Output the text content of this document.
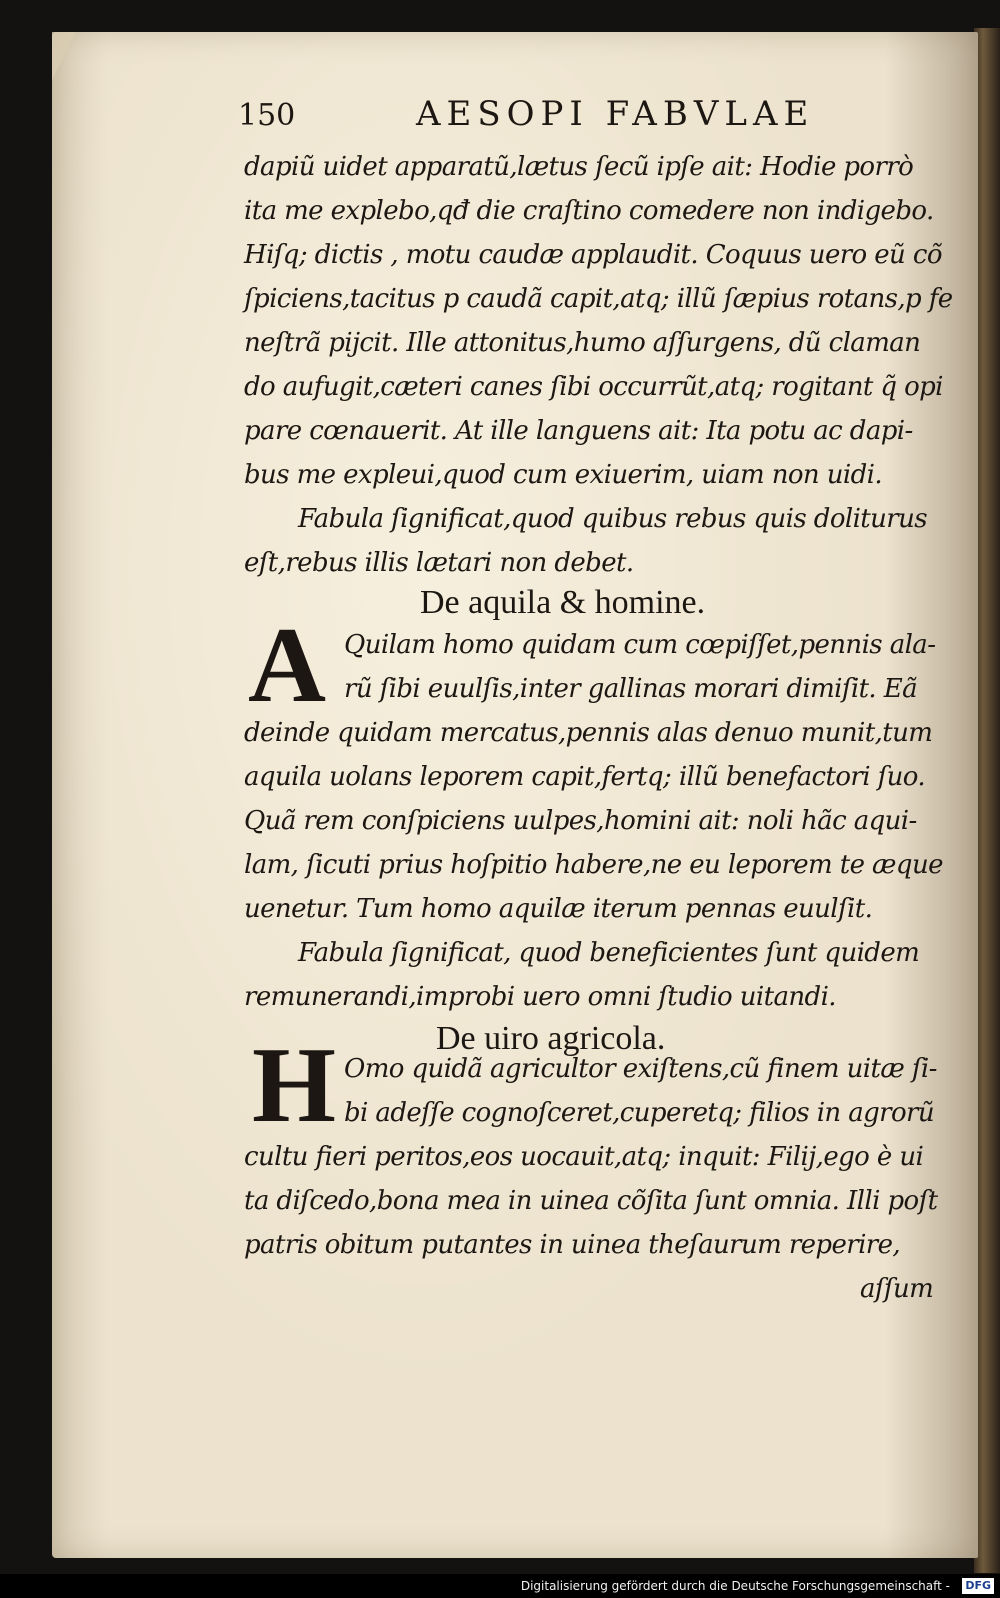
150	AESOPI FABVLAE
dapiũ uidet apparatũ,lætus ſecũ ipſe ait: Hodie porrò
ita me explebo,qđ die craſtino comedere non indigebo.
Hiſq; dictis , motu caudæ applaudit. Coquus uero eũ cõ
ſpiciens,tacitus p caudã capit,atq; illũ ſæpius rotans,p fe
neſtrã pijcit. Ille attonitus,humo aſſurgens, dũ claman
do aufugit,cæteri canes ſibi occurrũt,atq; rogitant q̃ opi
pare cœnauerit. At ille languens ait: Ita potu ac dapi-
bus me expleui,quod cum exiuerim, uiam non uidi.
Fabula ſignificat,quod quibus rebus quis doliturus
eſt,rebus illis lætari non debet.
De aquila & homine.
A Quilam homo quidam cum cœpiſſet,pennis ala-
rũ ſibi euulſis,inter gallinas morari dimiſit. Eã
deinde quidam mercatus,pennis alas denuo munit,tum
aquila uolans leporem capit,fertq; illũ benefactori ſuo.
Quã rem conſpiciens uulpes,homini ait: noli hãc aqui-
lam, ſicuti prius hoſpitio habere,ne eu leporem te æque
uenetur. Tum homo aquilæ iterum pennas euulſit.
Fabula ſignificat, quod beneficientes ſunt quidem
remunerandi,improbi uero omni ſtudio uitandi.
De uiro agricola.
H Omo quidã agricultor exiſtens,cũ finem uitæ ſi-
bi adeſſe cognoſceret,cuperetq; filios in agrorũ
cultu fieri peritos,eos uocauit,atq; inquit: Filij,ego è ui
ta diſcedo,bona mea in uinea cõſita ſunt omnia. Illi poſt
patris obitum putantes in uinea theſaurum reperire,
aſſum
Digitalisierung gefördert durch die Deutsche Forschungsgemeinschaft - DFG
